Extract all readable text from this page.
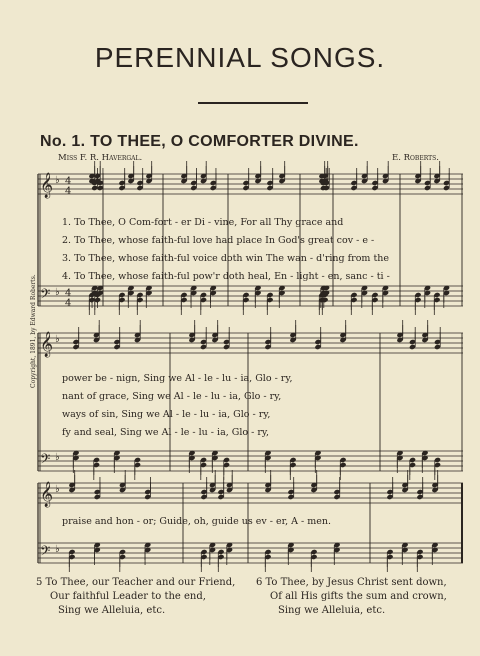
PERENNIAL SONGS.
No. 1. TO THEE, O COMFORTER DIVINE.
Miss F. R. Havergal.	E. Roberts.
Copyright, 1891, by Edward Roberts.
𝄞
𝄢
♭
♭
4
4
4
4
𝄞
𝄢
♭
♭
𝄞
𝄢
♭
♭
1. To Thee, O Com-fort - er Di - vine, For all Thy grace and
2. To Thee, whose faith-ful love had place In God's great cov - e -
3. To Thee, whose faith-ful voice doth win The wan - d'ring from the
4. To Thee, whose faith-ful pow'r doth heal, En - light - en, sanc - ti -
power be - nign, Sing we Al - le - lu - ia, Glo - ry,
nant of grace, Sing we Al - le - lu - ia, Glo - ry,
ways of sin, Sing we Al - le - lu - ia, Glo - ry,
fy and seal, Sing we Al - le - lu - ia, Glo - ry,
praise and hon - or; Guide, oh, guide us ev - er, A - men.
5 To Thee, our Teacher and our Friend,
Our faithful Leader to the end,
Sing we Alleluia, etc.
6 To Thee, by Jesus Christ sent down,
Of all His gifts the sum and crown,
Sing we Alleluia, etc.
